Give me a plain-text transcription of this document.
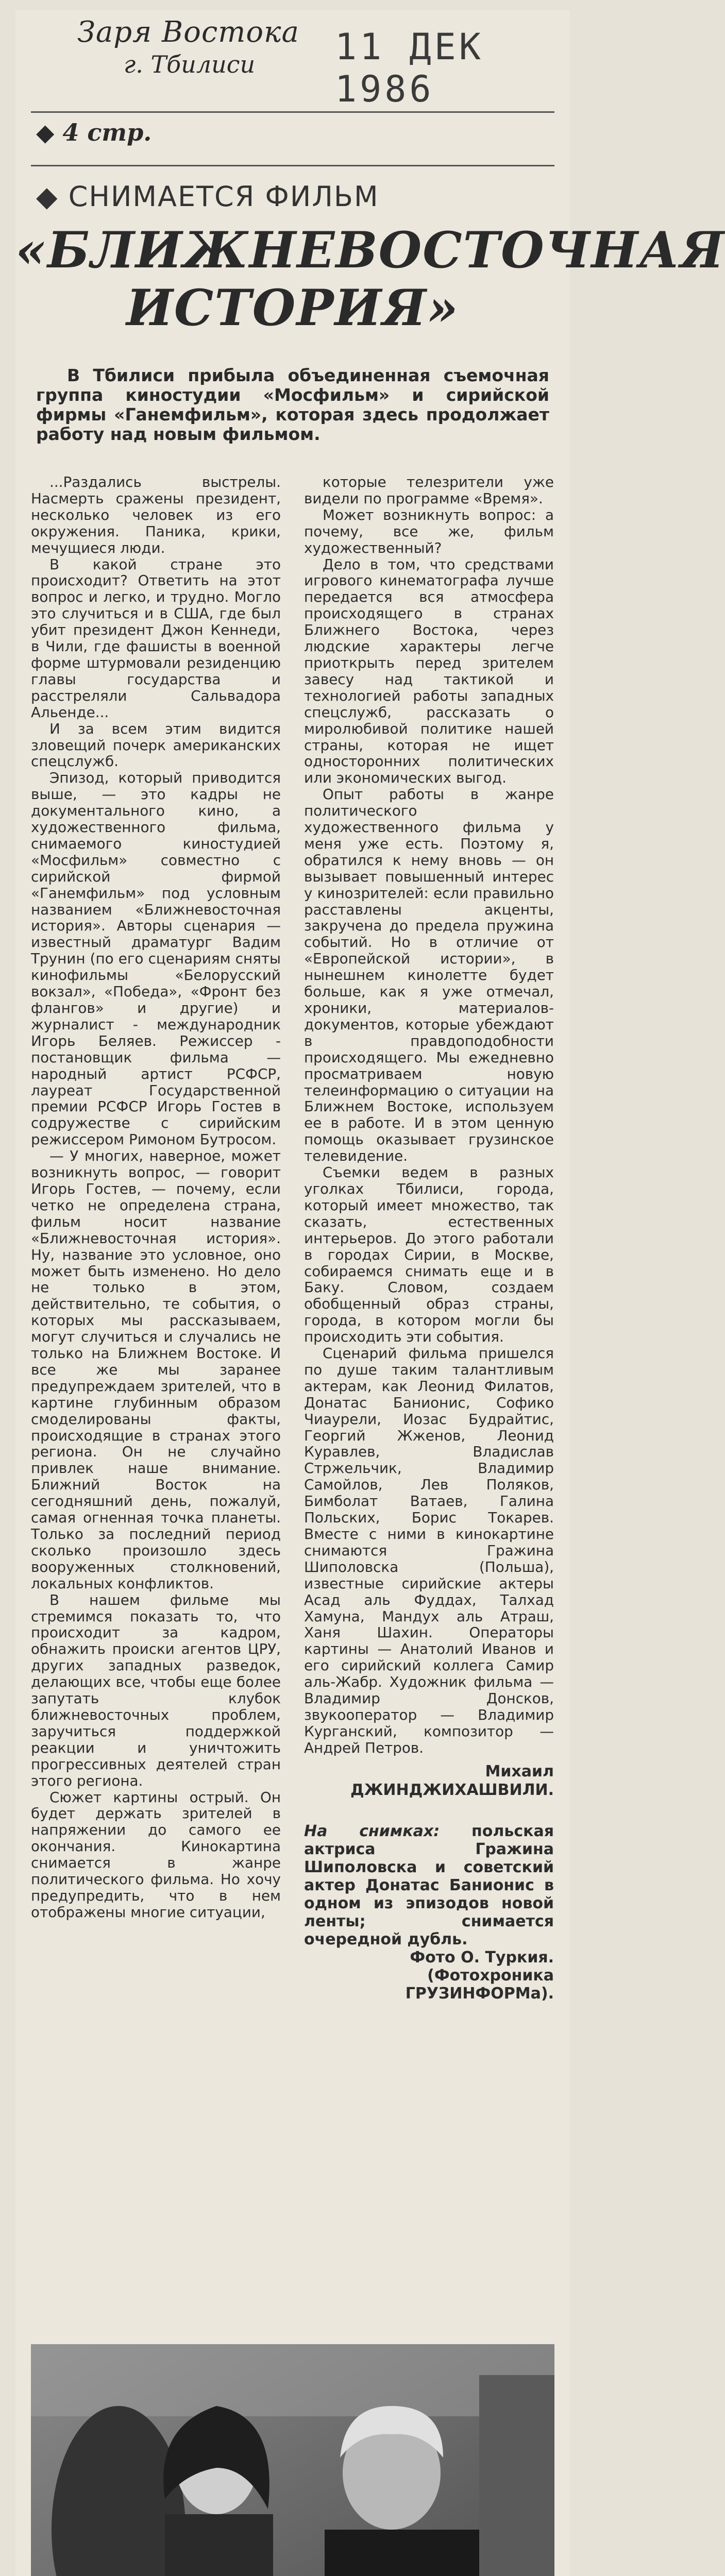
Заря Востока
г. Тбилиси 11 ДЕК 1986
◆ 4 стр.
◆ СНИМАЕТСЯ ФИЛЬМ
«БЛИЖНЕВОСТОЧНАЯ
ИСТОРИЯ»
В Тбилиси прибыла объединенная съемочная группа киностудии «Мосфильм» и сирийской фирмы «Ганемфильм», которая здесь продолжает работу над новым фильмом.

...Раздались выстрелы. Насмерть сражены президент, несколько человек из его окружения. Паника, крики, мечущиеся люди.

В какой стране это происходит? Ответить на этот вопрос и легко, и трудно. Могло это случиться и в США, где был убит президент Джон Кеннеди, в Чили, где фашисты в военной форме штурмовали резиденцию главы государства и расстреляли Сальвадора Альенде...

И за всем этим видится зловещий почерк американских спецслужб.

Эпизод, который приводится выше, — это кадры не документального кино, а художественного фильма, снимаемого киностудией «Мосфильм» совместно с сирийской фирмой «Ганемфильм» под условным названием «Ближневосточная история». Авторы сценария — известный драматург Вадим Трунин (по его сценариям сняты кинофильмы «Белорусский вокзал», «Победа», «Фронт без флангов» и другие) и журналист - международник Игорь Беляев. Режиссер - постановщик фильма — народный артист РСФСР, лауреат Государственной премии РСФСР Игорь Гостев в содружестве с сирийским режиссером Римоном Бутросом.

— У многих, наверное, может возникнуть вопрос, — говорит Игорь Гостев, — почему, если четко не определена страна, фильм носит название «Ближневосточная история». Ну, название это условное, оно может быть изменено. Но дело не только в этом, действительно, те события, о которых мы рассказываем, могут случиться и случались не только на Ближнем Востоке. И все же мы заранее предупреждаем зрителей, что в картине глубинным образом смоделированы факты, происходящие в странах этого региона. Он не случайно привлек наше внимание. Ближний Восток на сегодняшний день, пожалуй, самая огненная точка планеты. Только за последний период сколько произошло здесь вооруженных столкновений, локальных конфликтов.

В нашем фильме мы стремимся показать то, что происходит за кадром, обнажить происки агентов ЦРУ, других западных разведок, делающих все, чтобы еще более запутать клубок ближневосточных проблем, заручиться поддержкой реакции и уничтожить прогрессивных деятелей стран этого региона.

Сюжет картины острый. Он будет держать зрителей в напряжении до самого ее окончания. Кинокартина снимается в жанре политического фильма. Но хочу предупредить, что в нем отображены многие ситуации,

которые телезрители уже видели по программе «Время».

Может возникнуть вопрос: а почему, все же, фильм художественный?

Дело в том, что средствами игрового кинематографа лучше передается вся атмосфера происходящего в странах Ближнего Востока, через людские характеры легче приоткрыть перед зрителем завесу над тактикой и технологией работы западных спецслужб, рассказать о миролюбивой политике нашей страны, которая не ищет односторонних политических или экономических выгод.

Опыт работы в жанре политического художественного фильма у меня уже есть. Поэтому я, обратился к нему вновь — он вызывает повышенный интерес у кинозрителей: если правильно расставлены акценты, закручена до предела пружина событий. Но в отличие от «Европейской истории», в нынешнем кинолетте будет больше, как я уже отмечал, хроники, материалов-документов, которые убеждают в правдоподобности происходящего. Мы ежедневно просматриваем новую телеинформацию о ситуации на Ближнем Востоке, используем ее в работе. И в этом ценную помощь оказывает грузинское телевидение.

Съемки ведем в разных уголках Тбилиси, города, который имеет множество, так сказать, естественных интерьеров. До этого работали в городах Сирии, в Москве, собираемся снимать еще и в Баку. Словом, создаем обобщенный образ страны, города, в котором могли бы происходить эти события.

Сценарий фильма пришелся по душе таким талантливым актерам, как Леонид Филатов, Донатас Банионис, Софико Чиаурели, Иозас Будрайтис, Георгий Жженов, Леонид Куравлев, Владислав Стржельчик, Владимир Самойлов, Лев Поляков, Бимболат Ватаев, Галина Польских, Борис Токарев. Вместе с ними в кинокартине снимаются Гражина Шиполовска (Польша), известные сирийские актеры Асад аль Фуддах, Талхад Хамуна, Мандух аль Атраш, Ханя Шахин. Операторы картины — Анатолий Иванов и его сирийский коллега Самир аль-Жабр. Художник фильма — Владимир Донсков, звукооператор — Владимир Курганский, композитор — Андрей Петров.

Михаил ДЖИНДЖИХАШВИЛИ.
На снимках: польская актриса Гражина Шиполовска и советский актер Донатас Банионис в одном из эпизодов новой ленты; снимается очередной дубль.
Фото О. Туркия. (Фотохроника ГРУЗИНФОРМа).
